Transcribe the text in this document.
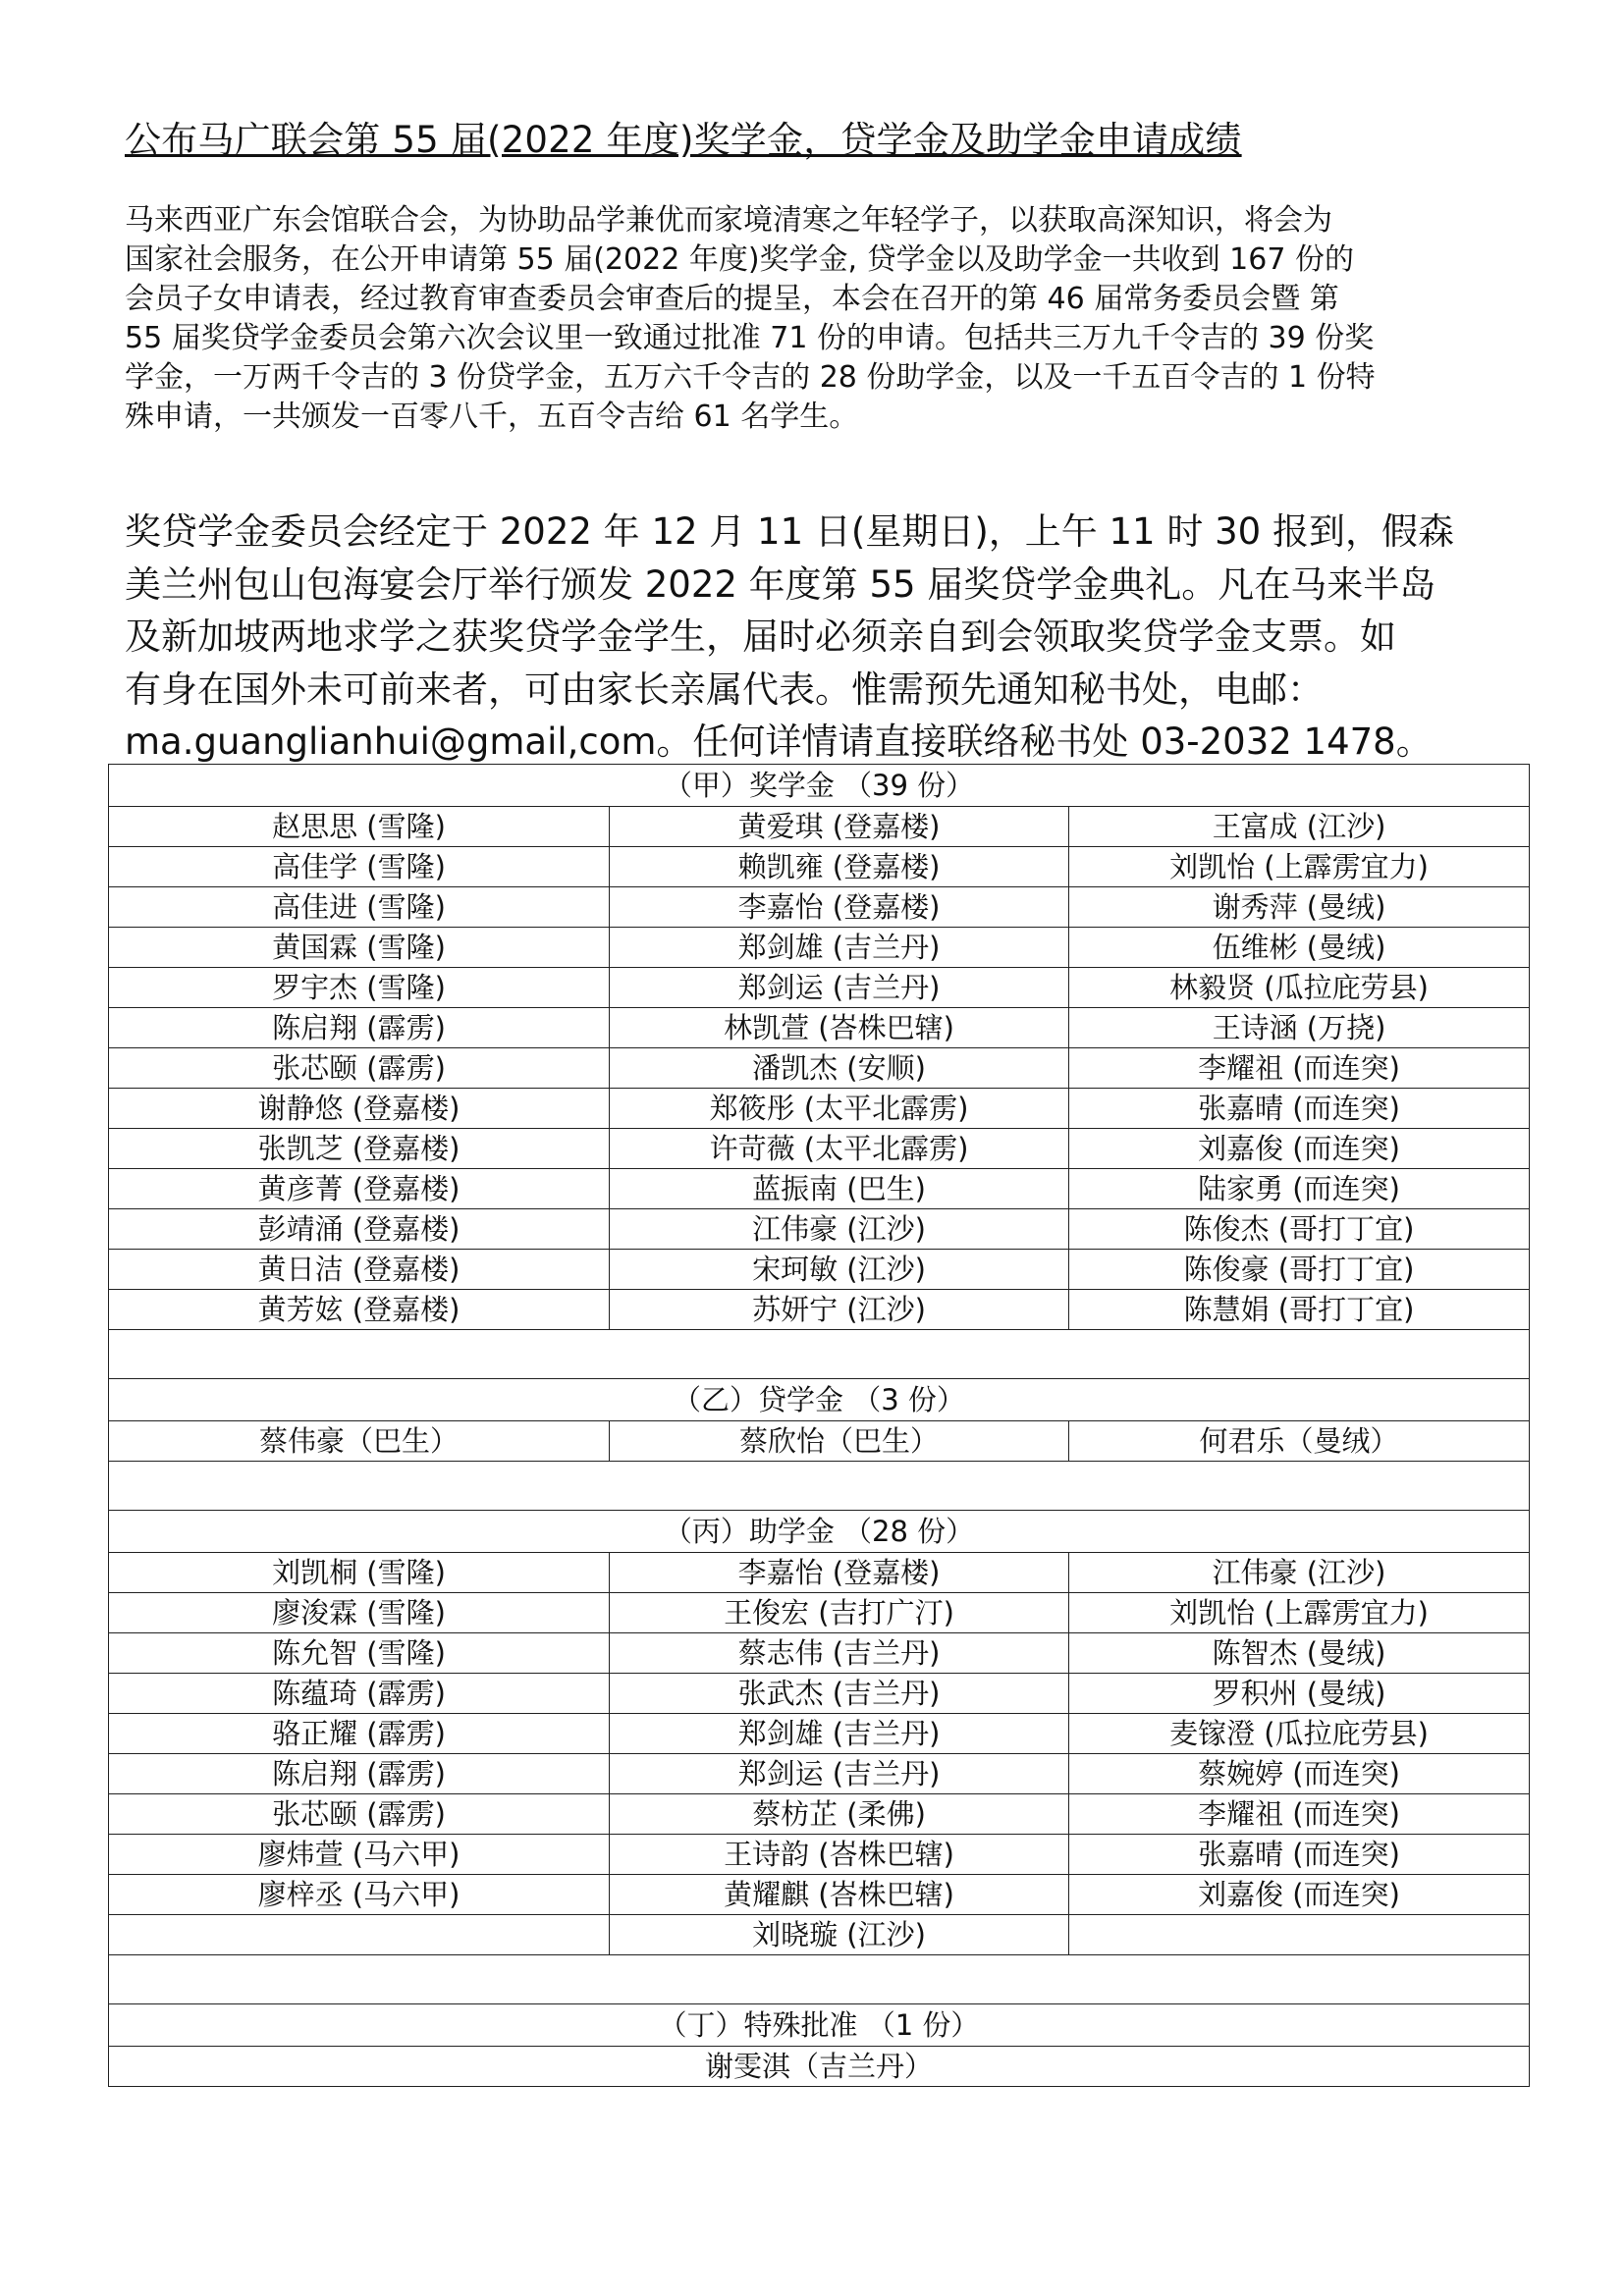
公布马广联会第 55 届(2022 年度)奖学金，贷学金及助学金申请成绩
马来西亚广东会馆联合会，为协助品学兼优而家境清寒之年轻学子，以获取高深知识，将会为
国家社会服务，在公开申请第 55 届(2022 年度)奖学金, 贷学金以及助学金一共收到 167 份的
会员子女申请表，经过教育审查委员会审查后的提呈，本会在召开的第 46 届常务委员会暨 第
55 届奖贷学金委员会第六次会议里一致通过批准 71 份的申请。包括共三万九千令吉的 39 份奖
学金，一万两千令吉的 3 份贷学金，五万六千令吉的 28 份助学金，以及一千五百令吉的 1 份特
殊申请，一共颁发一百零八千，五百令吉给 61 名学生。
奖贷学金委员会经定于 2022 年 12 月 11 日(星期日)，上午 11 时 30 报到，假森
美兰州包山包海宴会厅举行颁发 2022 年度第 55 届奖贷学金典礼。凡在马来半岛
及新加坡两地求学之获奖贷学金学生，届时必须亲自到会领取奖贷学金支票。如
有身在国外未可前来者，可由家长亲属代表。惟需预先通知秘书处，电邮：
ma.guanglianhui@gmail,com。任何详情请直接联络秘书处 03-2032 1478。
（甲）奖学金 （39 份）		
赵思思 (雪隆)	黄爱琪 (登嘉楼)	王富成 (江沙)
高佳学 (雪隆)	赖凯雍 (登嘉楼)	刘凯怡 (上霹雳宜力)
高佳进 (雪隆)	李嘉怡 (登嘉楼)	谢秀萍 (曼绒)
黄国霖 (雪隆)	郑剑雄 (吉兰丹)	伍维彬 (曼绒)
罗宇杰 (雪隆)	郑剑运 (吉兰丹)	林毅贤 (瓜拉庇劳县)
陈启翔 (霹雳)	林凯萱 (峇株巴辖)	王诗涵 (万挠)
张芯颐 (霹雳)	潘凯杰 (安顺)	李耀祖 (而连突)
谢静悠 (登嘉楼)	郑筱彤 (太平北霹雳)	张嘉晴 (而连突)
张凯芝 (登嘉楼)	许苛薇 (太平北霹雳)	刘嘉俊 (而连突)
黄彦菁 (登嘉楼)	蓝振南 (巴生)	陆家勇 (而连突)
彭靖涌 (登嘉楼)	江伟豪 (江沙)	陈俊杰 (哥打丁宜)
黄日洁 (登嘉楼)	宋珂敏 (江沙)	陈俊豪 (哥打丁宜)
黄芳妶 (登嘉楼)	苏妍宁 (江沙)	陈慧娟 (哥打丁宜)

（乙）贷学金 （3 份）		
蔡伟豪（巴生）	蔡欣怡（巴生）	何君乐（曼绒）

（丙）助学金 （28 份）		
刘凯桐 (雪隆)	李嘉怡 (登嘉楼)	江伟豪 (江沙)
廖浚霖 (雪隆)	王俊宏 (吉打广汀)	刘凯怡 (上霹雳宜力)
陈允智 (雪隆)	蔡志伟 (吉兰丹)	陈智杰 (曼绒)
陈蕴琦 (霹雳)	张武杰 (吉兰丹)	罗积州 (曼绒)
骆正耀 (霹雳)	郑剑雄 (吉兰丹)	麦镓澄 (瓜拉庇劳县)
陈启翔 (霹雳)	郑剑运 (吉兰丹)	蔡婉婷 (而连突)
张芯颐 (霹雳)	蔡枋芷 (柔佛)	李耀祖 (而连突)
廖炜萱 (马六甲)	王诗韵 (峇株巴辖)	张嘉晴 (而连突)
廖梓丞 (马六甲)	黄耀麒 (峇株巴辖)	刘嘉俊 (而连突)
	刘晓璇 (江沙)	

（丁）特殊批准 （1 份）		
谢雯淇（吉兰丹）		
